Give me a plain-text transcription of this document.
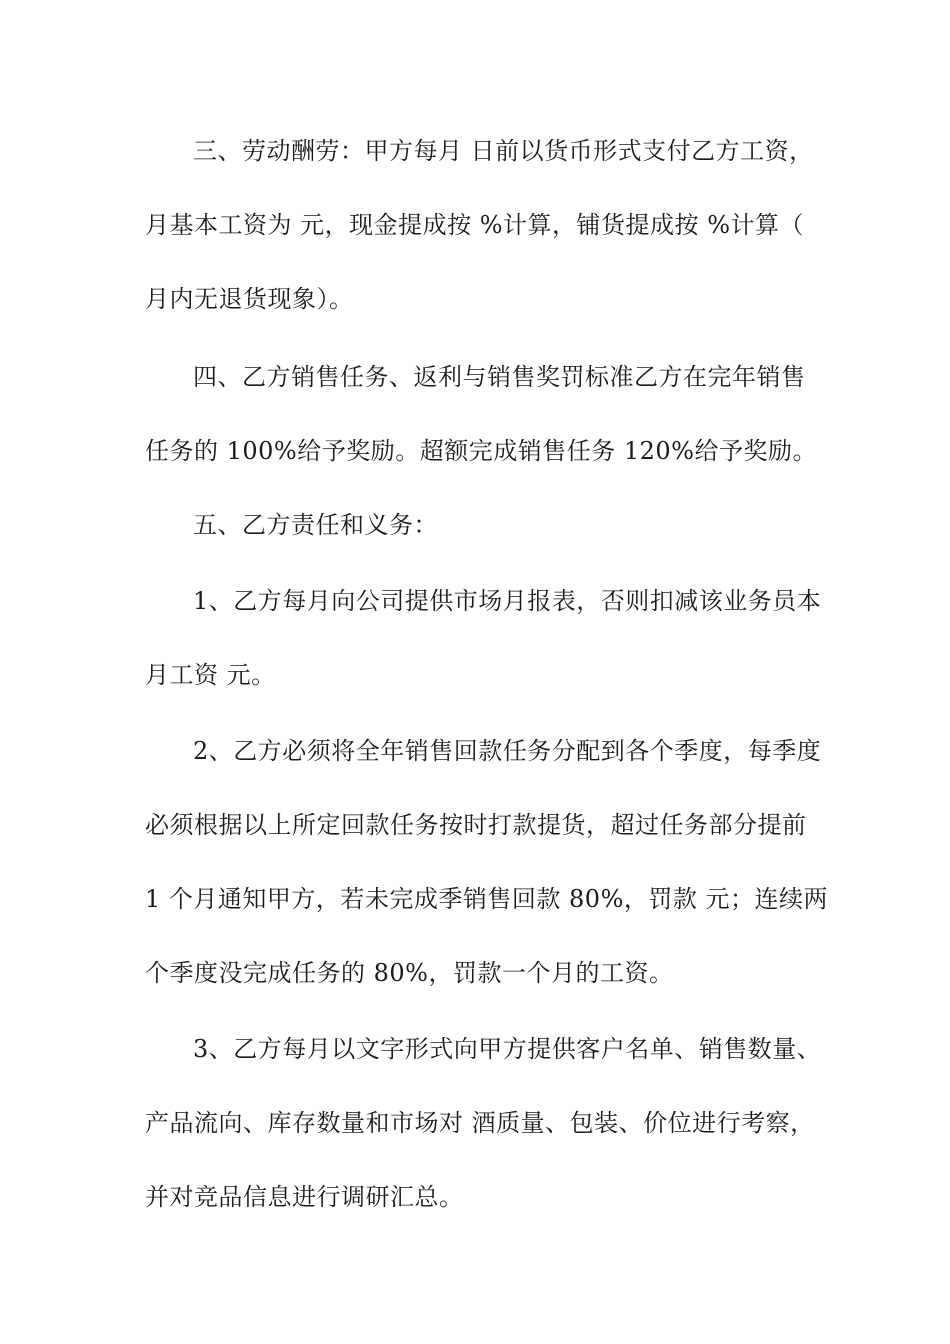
三、劳动酬劳：甲方每月 日前以货币形式支付乙方工资，
月基本工资为 元，现金提成按 %计算，铺货提成按 %计算（
月内无退货现象）。
四、乙方销售任务、返利与销售奖罚标准乙方在完年销售
任务的 100%给予奖励。超额完成销售任务 120%给予奖励。
五、乙方责任和义务：
1、乙方每月向公司提供市场月报表，否则扣减该业务员本
月工资 元。
2、乙方必须将全年销售回款任务分配到各个季度，每季度
必须根据以上所定回款任务按时打款提货，超过任务部分提前
1 个月通知甲方，若未完成季销售回款 80%，罚款 元；连续两
个季度没完成任务的 80%，罚款一个月的工资。
3、乙方每月以文字形式向甲方提供客户名单、销售数量、
产品流向、库存数量和市场对 酒质量、包装、价位进行考察，
并对竞品信息进行调研汇总。
